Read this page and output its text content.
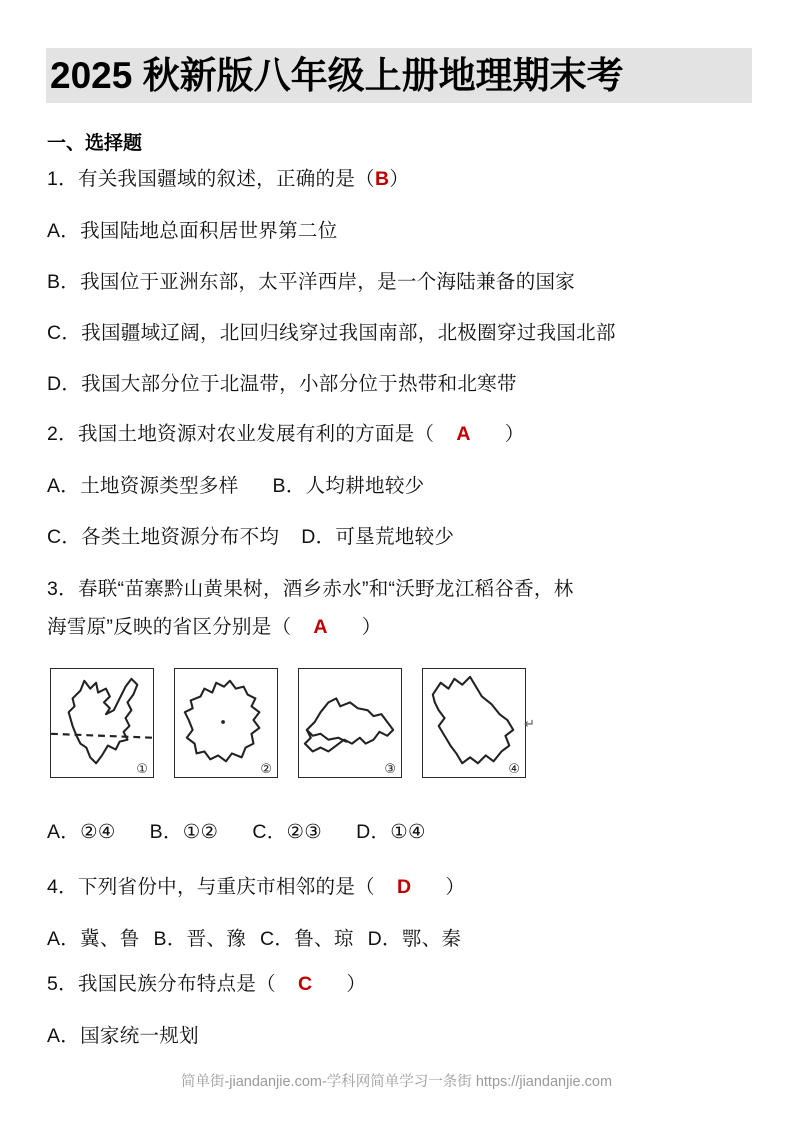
2025 秋新版八年级上册地理期末考
一、选择题
1．有关我国疆域的叙述，正确的是（B）
A．我国陆地总面积居世界第二位
B．我国位于亚洲东部，太平洋西岸，是一个海陆兼备的国家
C．我国疆域辽阔，北回归线穿过我国南部，北极圈穿过我国北部
D．我国大部分位于北温带，小部分位于热带和北寒带
2．我国土地资源对农业发展有利的方面是（ A ）
A．土地资源类型多样 B．人均耕地较少
C．各类土地资源分布不均 D．可垦荒地较少
3．春联“苗寨黔山黄果树，酒乡赤水”和“沃野龙江稻谷香，林
海雪原”反映的省区分别是（ A ）
①	②	③	④
↵
A．②④ B．①② C．②③ D．①④
4．下列省份中，与重庆市相邻的是（ D ）
A．冀、鲁 B．晋、豫 C．鲁、琼 D．鄂、秦
5．我国民族分布特点是（ C ）
A．国家统一规划
简单街-jiandanjie.com-学科网简单学习一条街 https://jiandanjie.com
